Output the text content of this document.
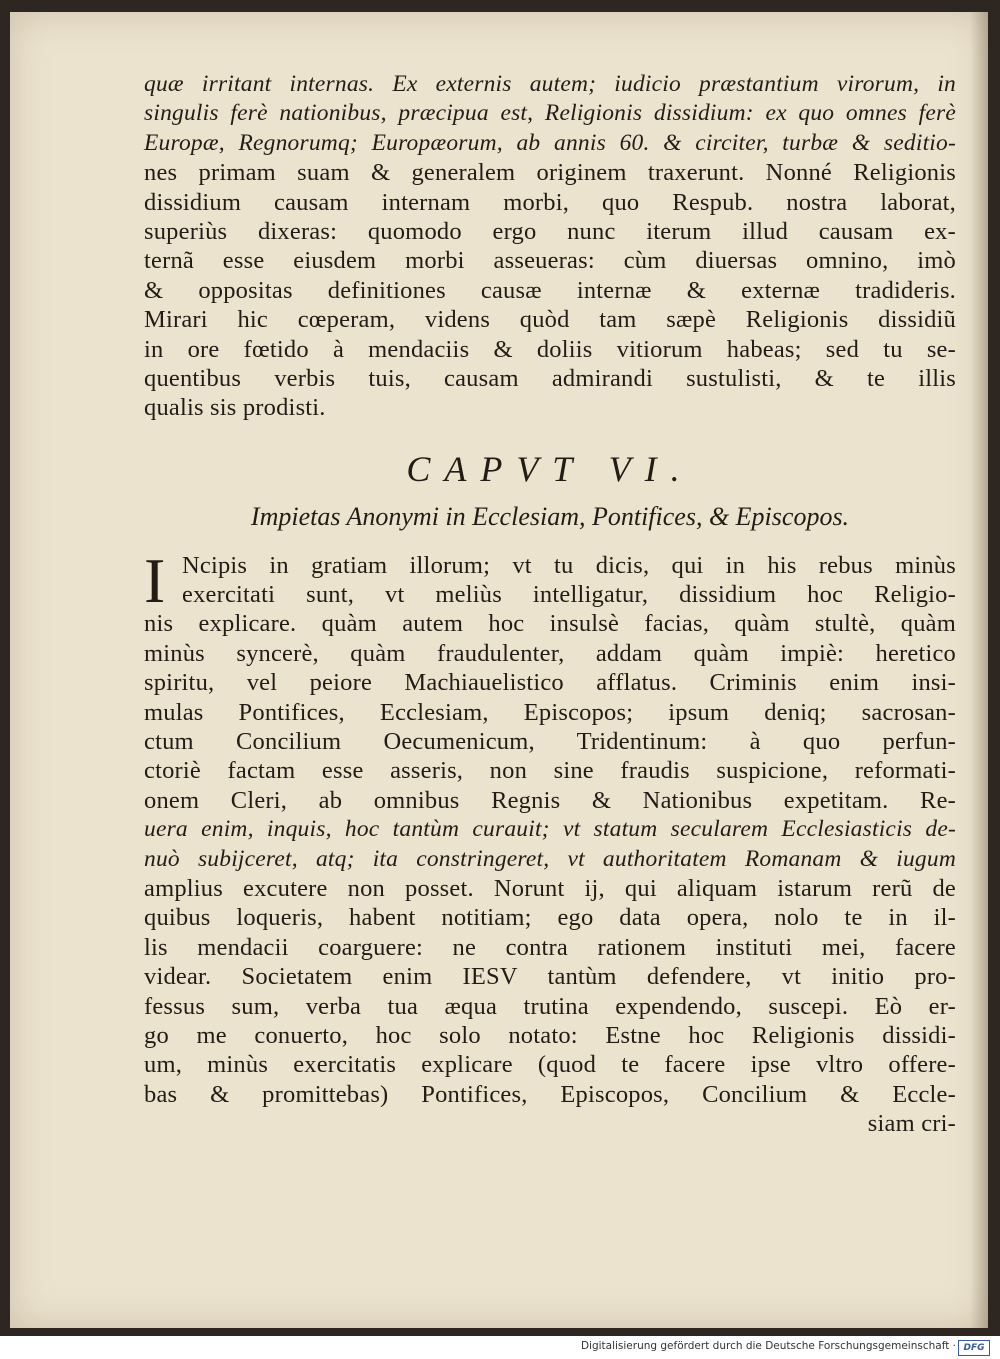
quæ irritant internas. Ex externis autem; iudicio præstantium virorum, in
singulis ferè nationibus, præcipua est, Religionis dissidium: ex quo omnes ferè
Europæ, Regnorumq; Europæorum, ab annis 60. & circiter, turbæ & seditio-
nes primam suam & generalem originem traxerunt. Nonné Religionis
dissidium causam internam morbi, quo Respub. nostra laborat,
superiùs dixeras: quomodo ergo nunc iterum illud causam ex-
ternã esse eiusdem morbi asseueras: cùm diuersas omnino, imò
& oppositas definitiones causæ internæ & externæ tradideris.
Mirari hic cœperam, videns quòd tam sæpè Religionis dissidiũ
in ore fœtido à mendaciis & doliis vitiorum habeas; sed tu se-
quentibus verbis tuis, causam admirandi sustulisti, & te illis
qualis sis prodisti.
CAPVT VI.
Impietas Anonymi in Ecclesiam, Pontifices, & Episcopos.
I Ncipis in gratiam illorum; vt tu dicis, qui in his rebus minùs
exercitati sunt, vt meliùs intelligatur, dissidium hoc Religio-
nis explicare. quàm autem hoc insulsè facias, quàm stultè, quàm
minùs syncerè, quàm fraudulenter, addam quàm impiè: heretico
spiritu, vel peiore Machiauelistico afflatus. Criminis enim insi-
mulas Pontifices, Ecclesiam, Episcopos; ipsum deniq; sacrosan-
ctum Concilium Oecumenicum, Tridentinum: à quo perfun-
ctoriè factam esse asseris, non sine fraudis suspicione, reformati-
onem Cleri, ab omnibus Regnis & Nationibus expetitam. Re-
uera enim, inquis, hoc tantùm curauit; vt statum secularem Ecclesiasticis de-
nuò subijceret, atq; ita constringeret, vt authoritatem Romanam & iugum
amplius excutere non posset. Norunt ij, qui aliquam istarum rerũ de
quibus loqueris, habent notitiam; ego data opera, nolo te in il-
lis mendacii coarguere: ne contra rationem instituti mei, facere
videar. Societatem enim IESV tantùm defendere, vt initio pro-
fessus sum, verba tua æqua trutina expendendo, suscepi. Eò er-
go me conuerto, hoc solo notato: Estne hoc Religionis dissidi-
um, minùs exercitatis explicare (quod te facere ipse vltro offere-
bas & promittebas) Pontifices, Episcopos, Concilium & Eccle-
siam cri-
Digitalisierung gefördert durch die Deutsche Forschungsgemeinschaft · DFG
